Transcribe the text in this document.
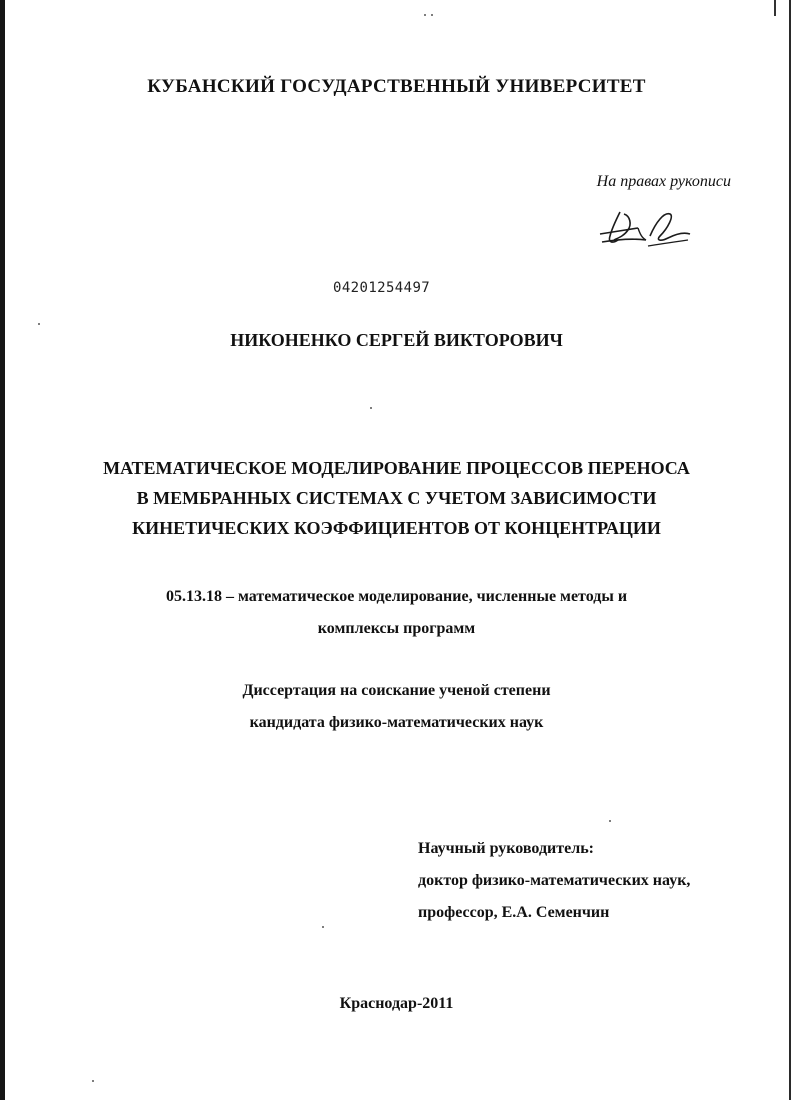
КУБАНСКИЙ ГОСУДАРСТВЕННЫЙ УНИВЕРСИТЕТ
На правах рукописи
04201254497
НИКОНЕНКО СЕРГЕЙ ВИКТОРОВИЧ
МАТЕМАТИЧЕСКОЕ МОДЕЛИРОВАНИЕ ПРОЦЕССОВ ПЕРЕНОСА
В МЕМБРАННЫХ СИСТЕМАХ С УЧЕТОМ ЗАВИСИМОСТИ
КИНЕТИЧЕСКИХ КОЭФФИЦИЕНТОВ ОТ КОНЦЕНТРАЦИИ
05.13.18 – математическое моделирование, численные методы и
комплексы программ
Диссертация на соискание ученой степени
кандидата физико-математических наук
Научный руководитель:
доктор физико-математических наук,
профессор, Е.А. Семенчин
Краснодар-2011
